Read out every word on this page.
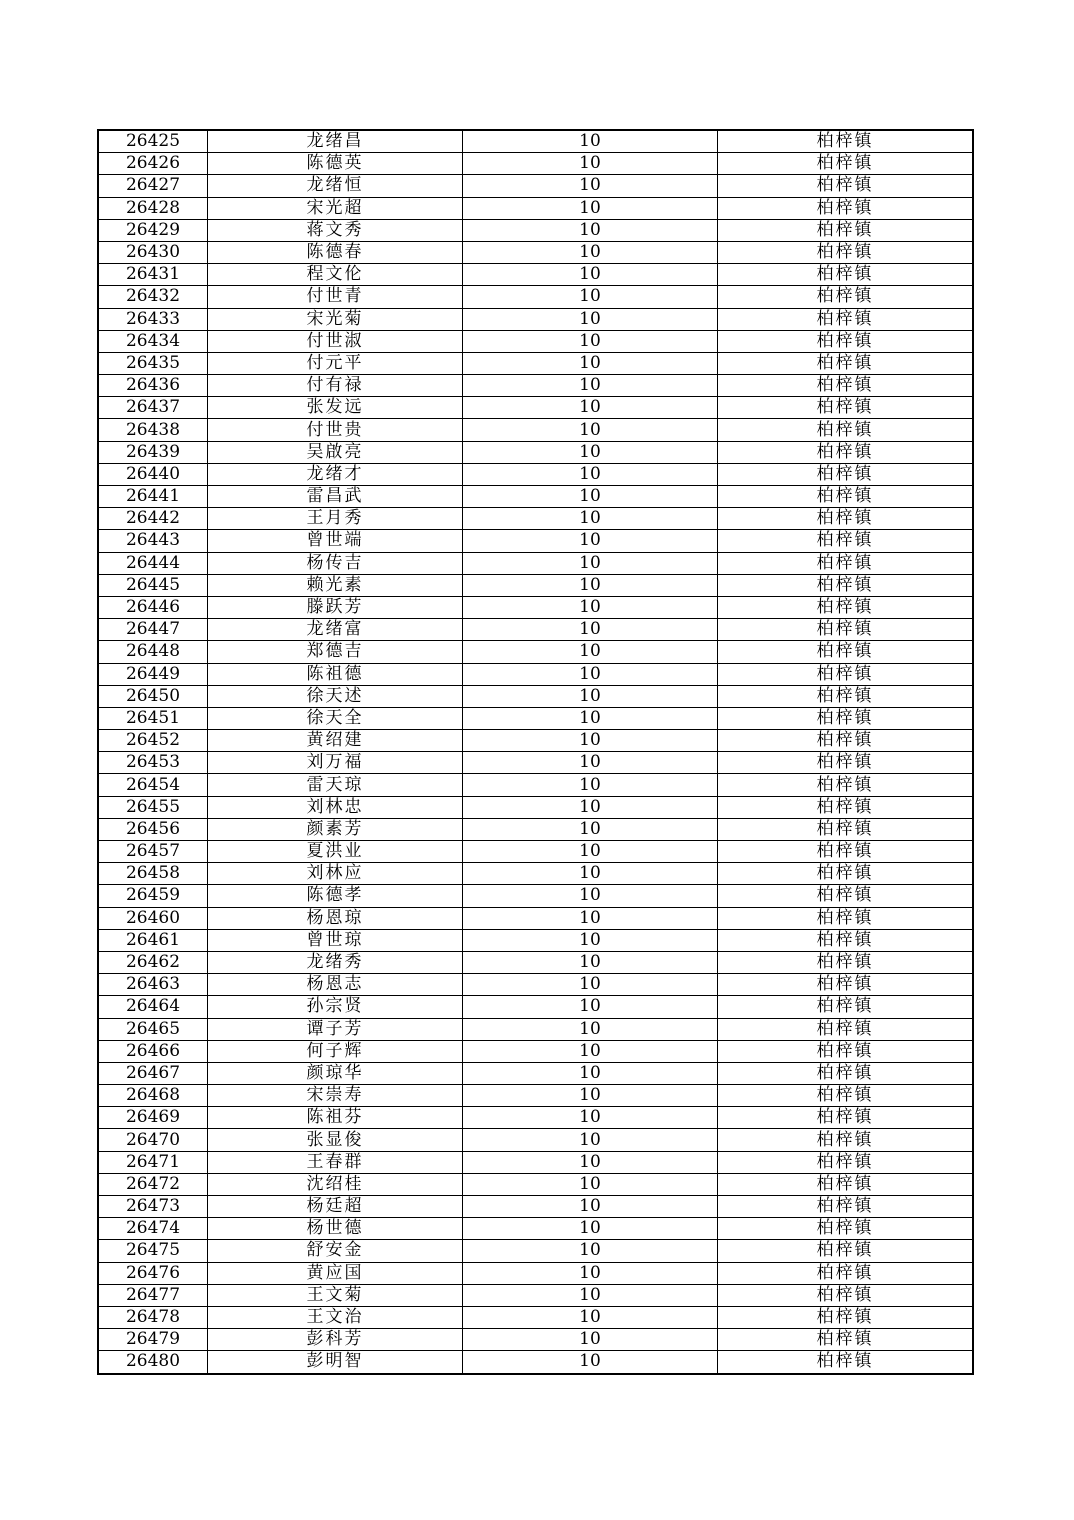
26425	龙绪昌	10	柏梓镇
26426	陈德英	10	柏梓镇
26427	龙绪恒	10	柏梓镇
26428	宋光超	10	柏梓镇
26429	蒋文秀	10	柏梓镇
26430	陈德春	10	柏梓镇
26431	程文伦	10	柏梓镇
26432	付世青	10	柏梓镇
26433	宋光菊	10	柏梓镇
26434	付世淑	10	柏梓镇
26435	付元平	10	柏梓镇
26436	付有禄	10	柏梓镇
26437	张发远	10	柏梓镇
26438	付世贵	10	柏梓镇
26439	吴啟亮	10	柏梓镇
26440	龙绪才	10	柏梓镇
26441	雷昌武	10	柏梓镇
26442	王月秀	10	柏梓镇
26443	曾世端	10	柏梓镇
26444	杨传吉	10	柏梓镇
26445	赖光素	10	柏梓镇
26446	滕跃芳	10	柏梓镇
26447	龙绪富	10	柏梓镇
26448	郑德吉	10	柏梓镇
26449	陈祖德	10	柏梓镇
26450	徐天述	10	柏梓镇
26451	徐天全	10	柏梓镇
26452	黄绍建	10	柏梓镇
26453	刘万福	10	柏梓镇
26454	雷天琼	10	柏梓镇
26455	刘林忠	10	柏梓镇
26456	颜素芳	10	柏梓镇
26457	夏洪业	10	柏梓镇
26458	刘林应	10	柏梓镇
26459	陈德孝	10	柏梓镇
26460	杨恩琼	10	柏梓镇
26461	曾世琼	10	柏梓镇
26462	龙绪秀	10	柏梓镇
26463	杨恩志	10	柏梓镇
26464	孙宗贤	10	柏梓镇
26465	谭子芳	10	柏梓镇
26466	何子辉	10	柏梓镇
26467	颜琼华	10	柏梓镇
26468	宋崇寿	10	柏梓镇
26469	陈祖芬	10	柏梓镇
26470	张显俊	10	柏梓镇
26471	王春群	10	柏梓镇
26472	沈绍桂	10	柏梓镇
26473	杨廷超	10	柏梓镇
26474	杨世德	10	柏梓镇
26475	舒安金	10	柏梓镇
26476	黄应国	10	柏梓镇
26477	王文菊	10	柏梓镇
26478	王文治	10	柏梓镇
26479	彭科芳	10	柏梓镇
26480	彭明智	10	柏梓镇
